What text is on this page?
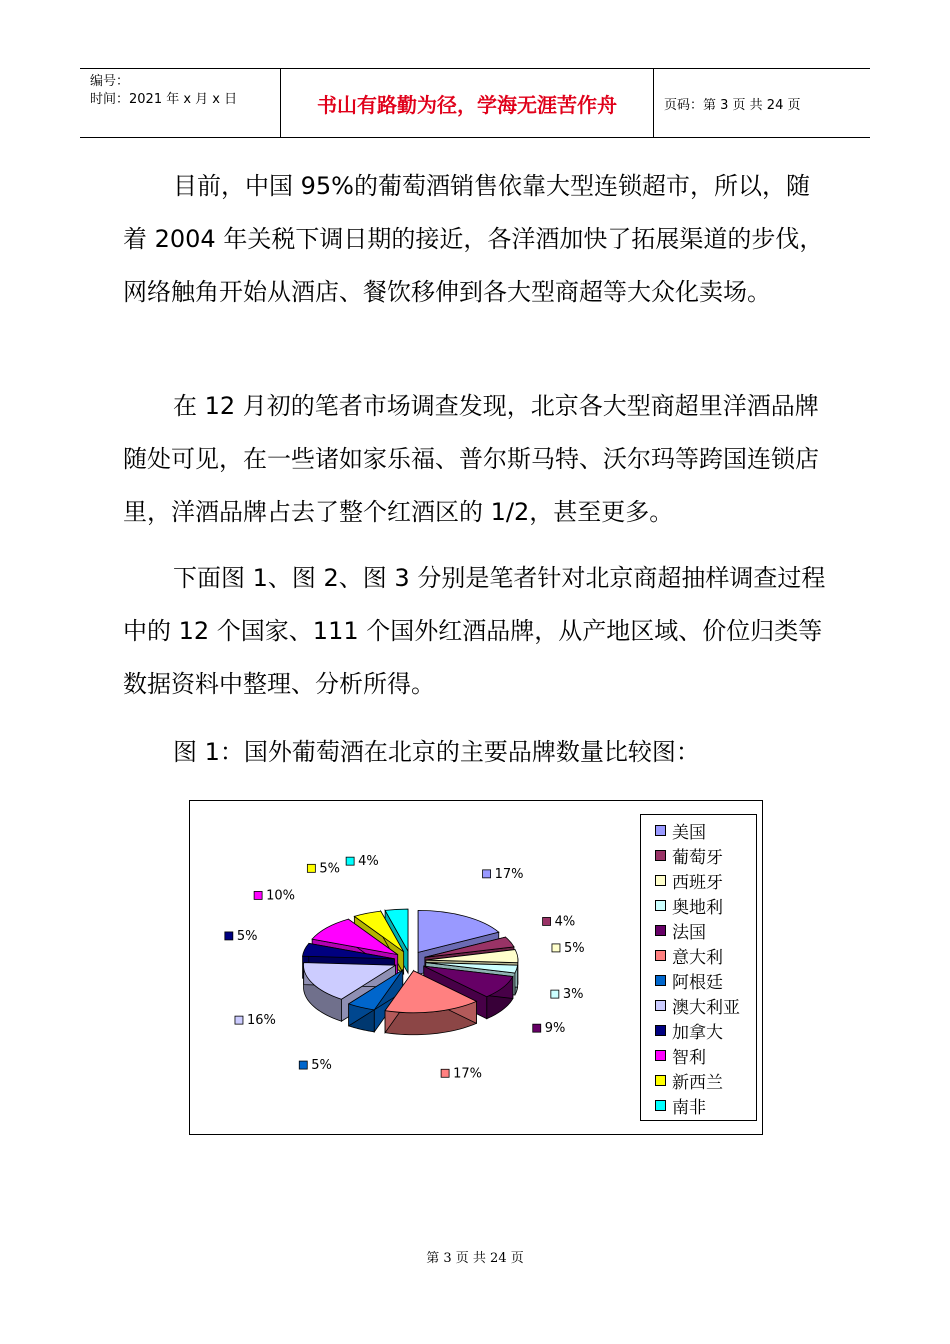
编号：
时间：2021 年 x 月 x 日	书山有路勤为径，学海无涯苦作舟	页码：第 3 页 共 24 页

目前，中国 95%的葡萄酒销售依靠大型连锁超市，所以，随着 2004 年关税下调日期的接近，各洋酒加快了拓展渠道的步伐，网络触角开始从酒店、餐饮移伸到各大型商超等大众化卖场。

在 12 月初的笔者市场调查发现，北京各大型商超里洋酒品牌随处可见，在一些诸如家乐福、普尔斯马特、沃尔玛等跨国连锁店里，洋酒品牌占去了整个红酒区的 1/2，甚至更多。

下面图 1、图 2、图 3 分别是笔者针对北京商超抽样调查过程中的 12 个国家、111 个国外红酒品牌，从产地区域、价位归类等数据资料中整理、分析所得。

图 1：国外葡萄酒在北京的主要品牌数量比较图：

17%
4%
5%
3%
9%
17%
5%
16%
5%
10%
5% 4%
美国
葡萄牙
西班牙
奥地利
法国
意大利
阿根廷
澳大利亚
加拿大
智利
新西兰
南非
第 3 页 共 24 页
